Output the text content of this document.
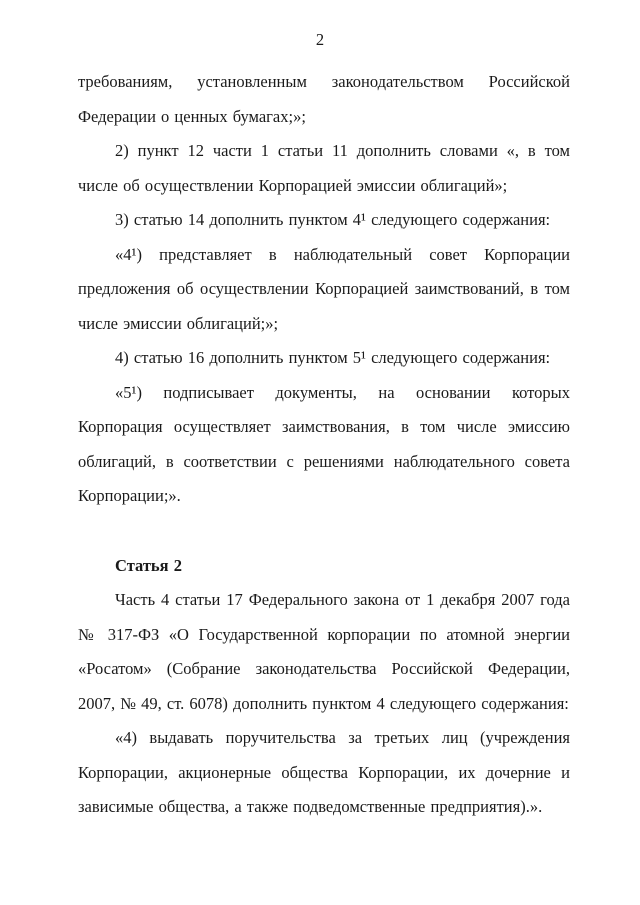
2

требованиям, установленным законодательством Российской Федерации о ценных бумагах;»;

2) пункт 12 части 1 статьи 11 дополнить словами «, в том числе об осуществлении Корпорацией эмиссии облигаций»;

3) статью 14 дополнить пунктом 4¹ следующего содержания:

«4¹) представляет в наблюдательный совет Корпорации предложения об осуществлении Корпорацией заимствований, в том числе эмиссии облигаций;»;

4) статью 16 дополнить пунктом 5¹ следующего содержания:

«5¹) подписывает документы, на основании которых Корпорация осуществляет заимствования, в том числе эмиссию облигаций, в соответствии с решениями наблюдательного совета Корпорации;».

Статья 2

Часть 4 статьи 17 Федерального закона от 1 декабря 2007 года № 317-ФЗ «О Государственной корпорации по атомной энергии «Росатом» (Собрание законодательства Российской Федерации, 2007, № 49, ст. 6078) дополнить пунктом 4 следующего содержания:

«4) выдавать поручительства за третьих лиц (учреждения Корпорации, акционерные общества Корпорации, их дочерние и зависимые общества, а также подведомственные предприятия).».
